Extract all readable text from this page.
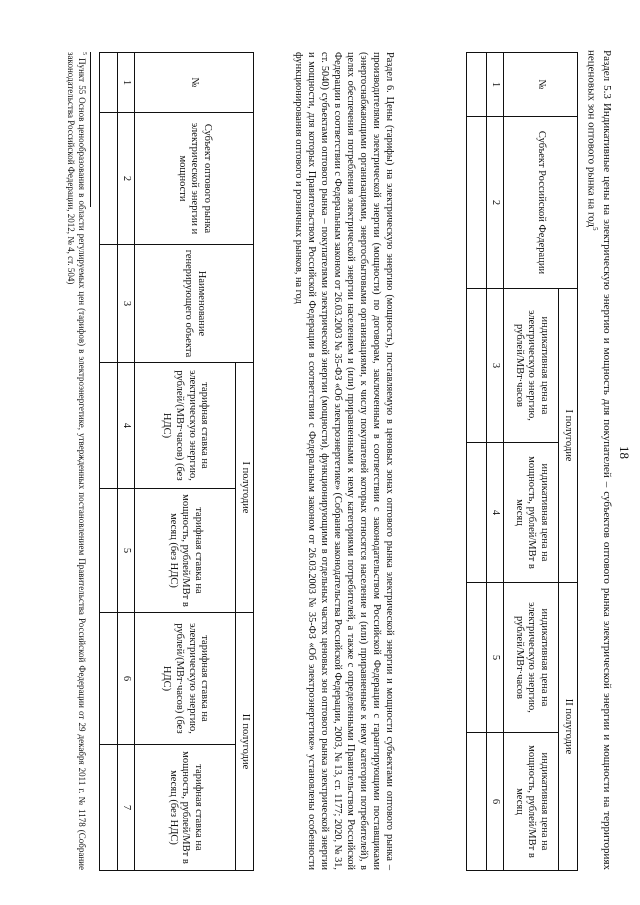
18
Раздел 5.3 Индикативные цены на электрическую энергию и мощность для покупателей – субъектов оптового рынка электрической энергии и мощности на территориях неценовых зон оптового рынка на год$^5$
№	Субъект Российской Федерации	I полугодие		II полугодие	
		индикативная цена на электрическую энергию, рублей/МВт·часов	индикативная цена на мощность, рублей/МВт в месяц	индикативная цена на электрическую энергию, рублей/МВт·часов	индикативная цена на мощность, рублей/МВт в месяц
1	2	3	4	5	6

Раздел 6. Цены (тарифы) на электрическую энергию (мощность), поставляемую в ценовых зонах оптового рынка электрической энергии и мощности субъектами оптового рынка – производителями электрической энергии (мощности) по договорам, заключенным в соответствии с законодательством Российской Федерации с гарантирующими поставщиками (энергоснабжающими организациями, энергосбытовыми организациями, к числу покупателей которых относятся население и (или) приравненные к нему категории потребителей), в целях обеспечения потребления электрической энергии населением и (или) приравненными к нему категориями потребителей, а также с определенными Правительством Российской Федерации в соответствии с Федеральным законом от 26.03.2003 № 35-ФЗ «Об электроэнергетике» (Собрание законодательства Российской Федерации, 2003, № 13, ст. 1177; 2020, № 31, ст. 5040) субъектами оптового рынка – покупателями электрической энергии (мощности), функционирующими в отдельных частях ценовых зон оптового рынка электрической энергии и мощности, для которых Правительством Российской Федерации в соответствии с Федеральным законом от 26.03.2003 № 35-ФЗ «Об электроэнергетике» установлены особенности функционирования оптового и розничных рынков, на год
№	Субъект оптового рынка электрической энергии и мощности	Наименование генерирующего объекта	I полугодие		II полугодие	
			тарифная ставка на электрическую энергию, рублей/(МВт·часов) (без НДС)	тарифная ставка на мощность, рублей/МВт в месяц (без НДС)	тарифная ставка на электрическую энергию, рублей/(МВт·часов) (без НДС)	тарифная ставка на мощность, рублей/МВт в месяц (без НДС)
1	2	3	4	5	6	7

$^5$ Пункт 55 Основ ценообразования в области регулируемых цен (тарифов) в электроэнергетике, утвержденных постановлением Правительства Российской Федерации от 29 декабря 2011 г. № 1178 (Собрание законодательства Российской Федерации, 2012, № 4, ст. 504)
